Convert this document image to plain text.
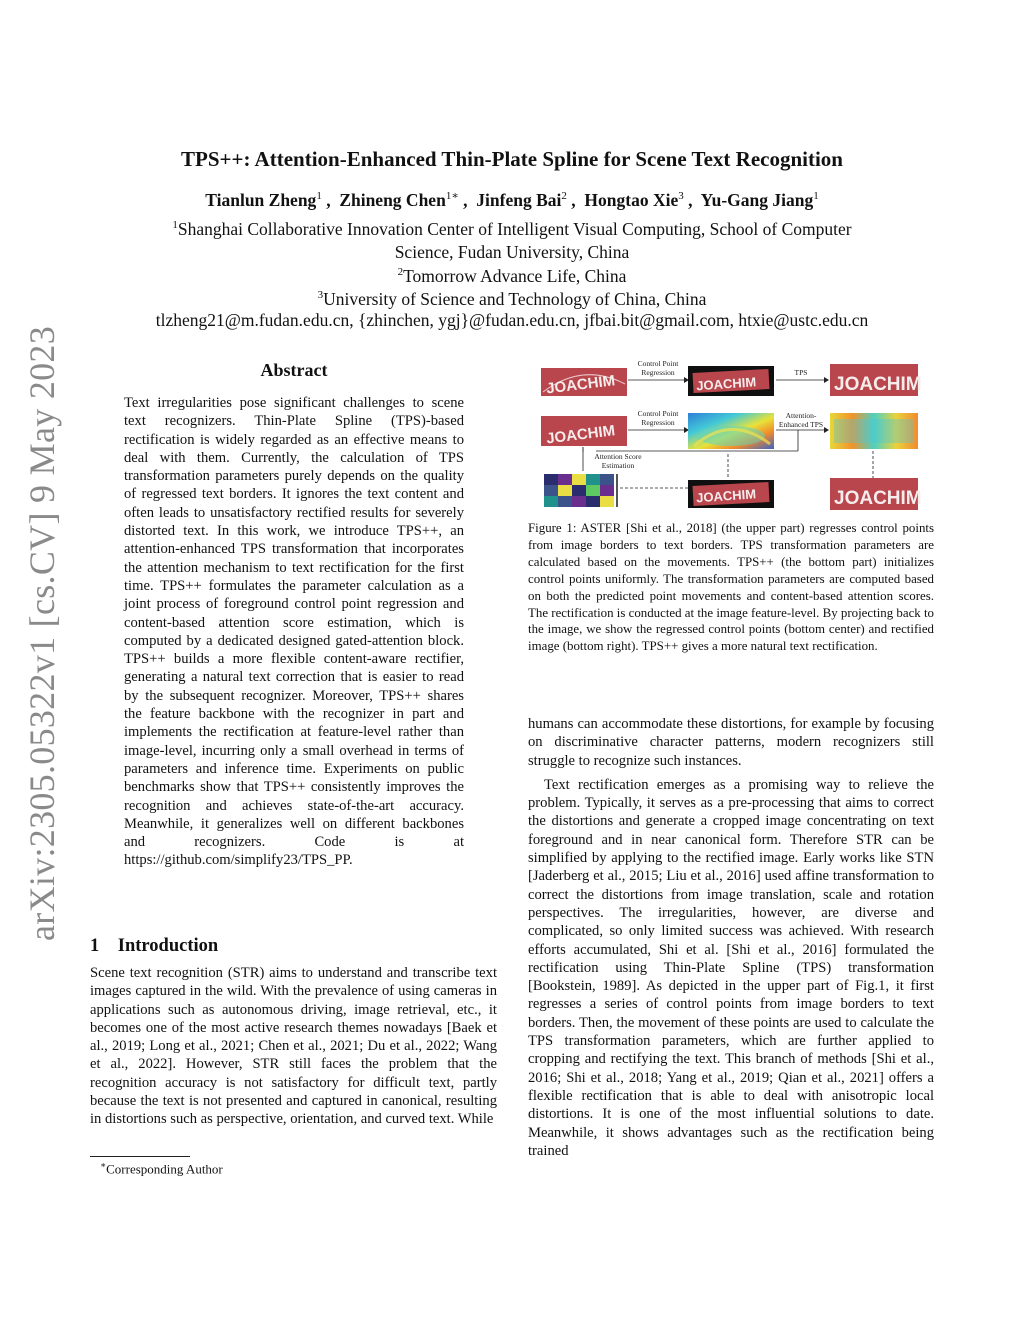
arXiv:2305.05322v1 [cs.CV] 9 May 2023
TPS++: Attention-Enhanced Thin-Plate Spline for Scene Text Recognition
Tianlun Zheng$^1$ ,  Zhineng Chen$^{1∗}$ ,  Jinfeng Bai$^2$ ,  Hongtao Xie$^3$ ,  Yu-Gang Jiang$^1$
$^1$Shanghai Collaborative Innovation Center of Intelligent Visual Computing, School of Computer
Science, Fudan University, China
$^2$Tomorrow Advance Life, China
$^3$University of Science and Technology of China, China
tlzheng21@m.fudan.edu.cn, {zhinchen, ygj}@fudan.edu.cn, jfbai.bit@gmail.com, htxie@ustc.edu.cn
Abstract
Text irregularities pose significant challenges to scene text recognizers. Thin-Plate Spline (TPS)-based rectification is widely regarded as an effective means to deal with them. Currently, the calculation of TPS transformation parameters purely depends on the quality of regressed text borders. It ignores the text content and often leads to unsatisfactory rectified results for severely distorted text. In this work, we introduce TPS++, an attention-enhanced TPS transformation that incorporates the attention mechanism to text rectification for the first time. TPS++ formulates the parameter calculation as a joint process of foreground control point regression and content-based attention score estimation, which is computed by a dedicated designed gated-attention block. TPS++ builds a more flexible content-aware rectifier, generating a natural text correction that is easier to read by the subsequent recognizer. Moreover, TPS++ shares the feature backbone with the recognizer in part and implements the rectification at feature-level rather than image-level, incurring only a small overhead in terms of parameters and inference time. Experiments on public benchmarks show that TPS++ consistently improves the recognition and achieves state-of-the-art accuracy. Meanwhile, it generalizes well on different backbones and recognizers. Code is at https://github.com/simplify23/TPS_PP.
1    Introduction

Scene text recognition (STR) aims to understand and transcribe text images captured in the wild. With the prevalence of using cameras in applications such as autonomous driving, image retrieval, etc., it becomes one of the most active research themes nowadays [Baek et al., 2019; Long et al., 2021; Chen et al., 2021; Du et al., 2022; Wang et al., 2022]. However, STR still faces the problem that the recognition accuracy is not satisfactory for difficult text, partly because the text is not presented and captured in canonical, resulting in distortions such as perspective, orientation, and curved text. While

∗Corresponding Author
JOACHIM
Control Point
Regression
JOACHIM
TPS
JOACHIM
JOACHIM
Control Point
Regression
Attention-
Enhanced TPS
Attention Score
Estimation
JOACHIM	JOACHIM
Figure 1: ASTER [Shi et al., 2018] (the upper part) regresses control points from image borders to text borders. TPS transformation parameters are calculated based on the movements. TPS++ (the bottom part) initializes control points uniformly. The transformation parameters are computed based on both the predicted point movements and content-based attention scores. The rectification is conducted at the image feature-level. By projecting back to the image, we show the regressed control points (bottom center) and rectified image (bottom right). TPS++ gives a more natural text rectification.

humans can accommodate these distortions, for example by focusing on discriminative character patterns, modern recognizers still struggle to recognize such instances.

Text rectification emerges as a promising way to relieve the problem. Typically, it serves as a pre-processing that aims to correct the distortions and generate a cropped image concentrating on text foreground and in near canonical form. Therefore STR can be simplified by applying to the rectified image. Early works like STN [Jaderberg et al., 2015; Liu et al., 2016] used affine transformation to correct the distortions from image translation, scale and rotation perspectives. The irregularities, however, are diverse and complicated, so only limited success was achieved. With research efforts accumulated, Shi et al. [Shi et al., 2016] formulated the rectification using Thin-Plate Spline (TPS) transformation [Bookstein, 1989]. As depicted in the upper part of Fig.1, it first regresses a series of control points from image borders to text borders. Then, the movement of these points are used to calculate the TPS transformation parameters, which are further applied to cropping and rectifying the text. This branch of methods [Shi et al., 2016; Shi et al., 2018; Yang et al., 2019; Qian et al., 2021] offers a flexible rectification that is able to deal with anisotropic local distortions. It is one of the most influential solutions to date. Meanwhile, it shows advantages such as the rectification being trained
